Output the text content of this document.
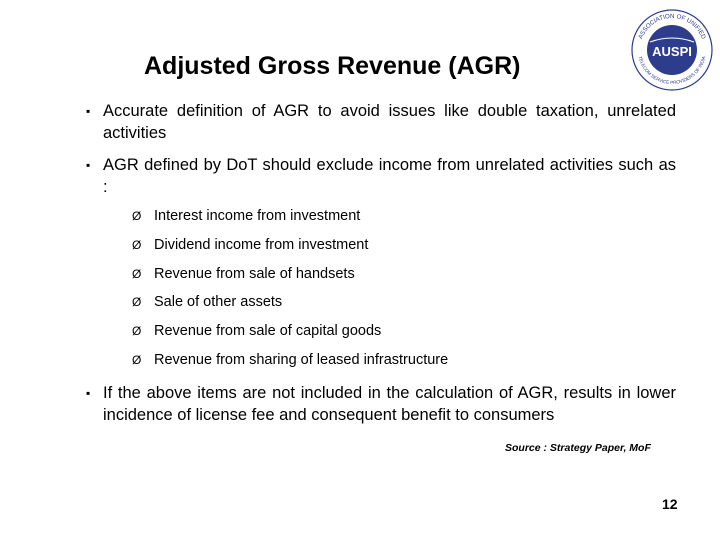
Adjusted Gross Revenue (AGR)
ASSOCIATION OF UNIFIED
TELECOM SERVICE PROVIDERS OF INDIA
AUSPI
▪ Accurate definition of AGR to avoid issues like double taxation, unrelated activities
▪ AGR defined by DoT should exclude income from unrelated activities such as :
Ø Interest income from investment
Ø Dividend income from investment
Ø Revenue from sale of handsets
Ø Sale of other assets
Ø Revenue from sale of capital goods
Ø Revenue from sharing of leased infrastructure
▪ If the above items are not included in the calculation of AGR, results in lower incidence of license fee and consequent benefit to consumers
Source : Strategy Paper, MoF
12
